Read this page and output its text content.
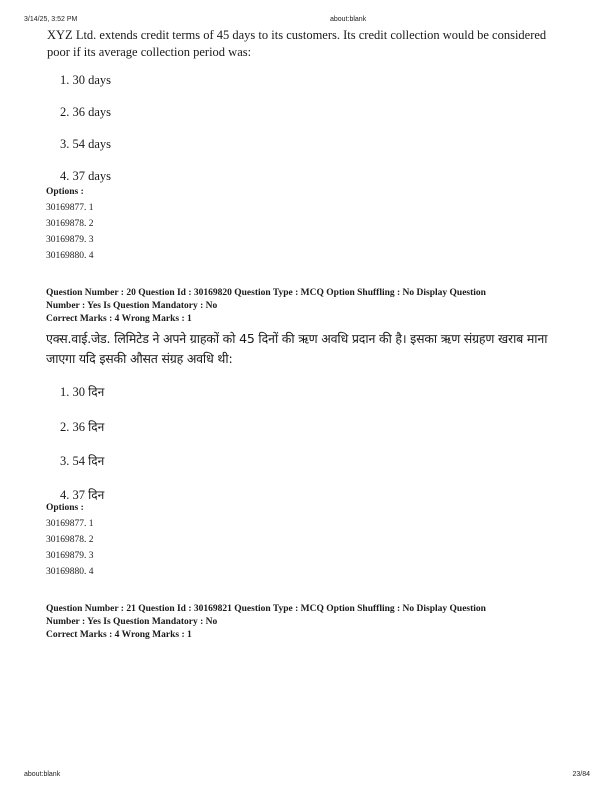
3/14/25, 3:52 PM	about:blank
XYZ Ltd. extends credit terms of 45 days to its customers. Its credit collection would be considered poor if its average collection period was:
1. 30 days
2. 36 days
3. 54 days
4. 37 days
Options :
30169877. 1
30169878. 2
30169879. 3
30169880. 4
Question Number : 20 Question Id : 30169820 Question Type : MCQ Option Shuffling : No Display Question
Number : Yes Is Question Mandatory : No
Correct Marks : 4 Wrong Marks : 1
एक्स.वाई.जेड. लिमिटेड ने अपने ग्राहकों को 45 दिनों की ऋण अवधि प्रदान की है। इसका ऋण संग्रहण खराब माना जाएगा यदि इसकी औसत संग्रह अवधि थी:
1. 30 दिन
2. 36 दिन
3. 54 दिन
4. 37 दिन
Options :
30169877. 1
30169878. 2
30169879. 3
30169880. 4
Question Number : 21 Question Id : 30169821 Question Type : MCQ Option Shuffling : No Display Question
Number : Yes Is Question Mandatory : No
Correct Marks : 4 Wrong Marks : 1
about:blank	23/84
